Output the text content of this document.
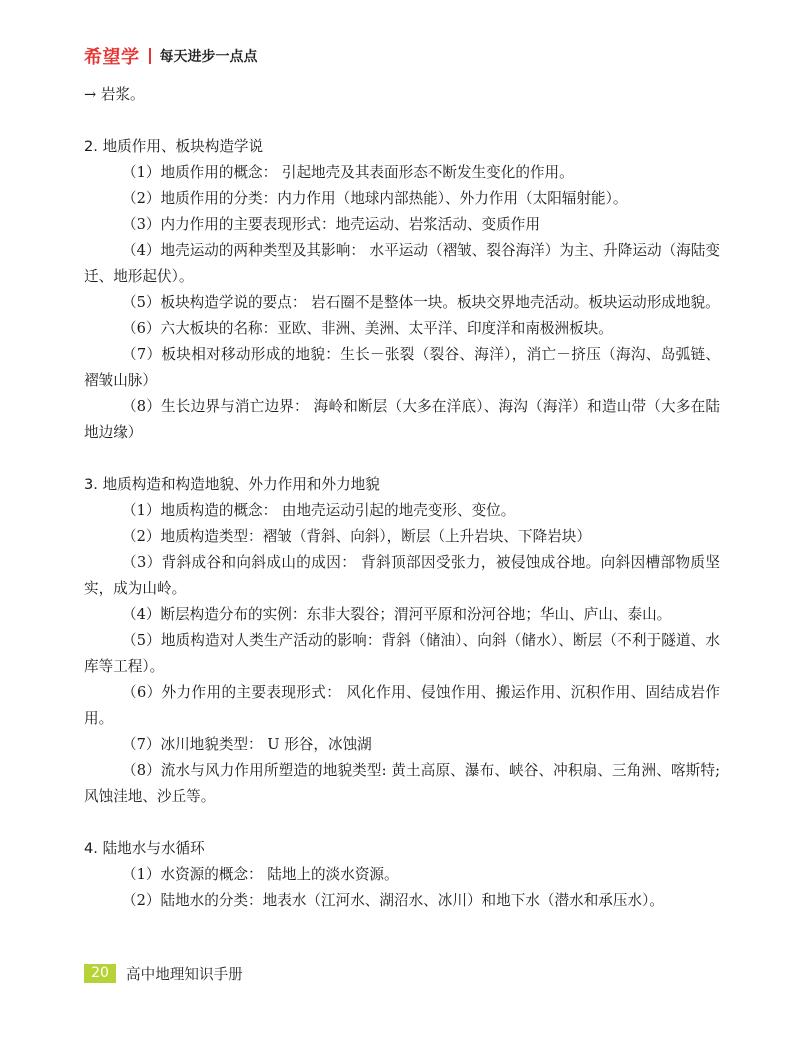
希望学 每天进步一点点

→ 岩浆。

2. 地质作用、板块构造学说

（1）地质作用的概念： 引起地壳及其表面形态不断发生变化的作用。

（2）地质作用的分类：内力作用（地球内部热能）、外力作用（太阳辐射能）。

（3）内力作用的主要表现形式：地壳运动、岩浆活动、变质作用

（4）地壳运动的两种类型及其影响： 水平运动（褶皱、裂谷海洋）为主、升降运动（海陆变迁、地形起伏）。

（5）板块构造学说的要点： 岩石圈不是整体一块。板块交界地壳活动。板块运动形成地貌。

（6）六大板块的名称：亚欧、非洲、美洲、太平洋、印度洋和南极洲板块。

（7）板块相对移动形成的地貌：生长－张裂（裂谷、海洋），消亡－挤压（海沟、岛弧链、褶皱山脉）

（8）生长边界与消亡边界： 海岭和断层（大多在洋底）、海沟（海洋）和造山带（大多在陆地边缘）

3. 地质构造和构造地貌、外力作用和外力地貌

（1）地质构造的概念： 由地壳运动引起的地壳变形、变位。

（2）地质构造类型：褶皱（背斜、向斜），断层（上升岩块、下降岩块）

（3）背斜成谷和向斜成山的成因： 背斜顶部因受张力，被侵蚀成谷地。向斜因槽部物质坚实，成为山岭。

（4）断层构造分布的实例：东非大裂谷；渭河平原和汾河谷地；华山、庐山、泰山。

（5）地质构造对人类生产活动的影响：背斜（储油）、向斜（储水）、断层（不利于隧道、水库等工程）。

（6）外力作用的主要表现形式： 风化作用、侵蚀作用、搬运作用、沉积作用、固结成岩作用。

（7）冰川地貌类型： U 形谷，冰蚀湖

（8）流水与风力作用所塑造的地貌类型: 黄土高原、瀑布、峡谷、冲积扇、三角洲、喀斯特; 风蚀洼地、沙丘等。

4. 陆地水与水循环

（1）水资源的概念： 陆地上的淡水资源。

（2）陆地水的分类：地表水（江河水、湖沼水、冰川）和地下水（潜水和承压水）。

20	高中地理知识手册
